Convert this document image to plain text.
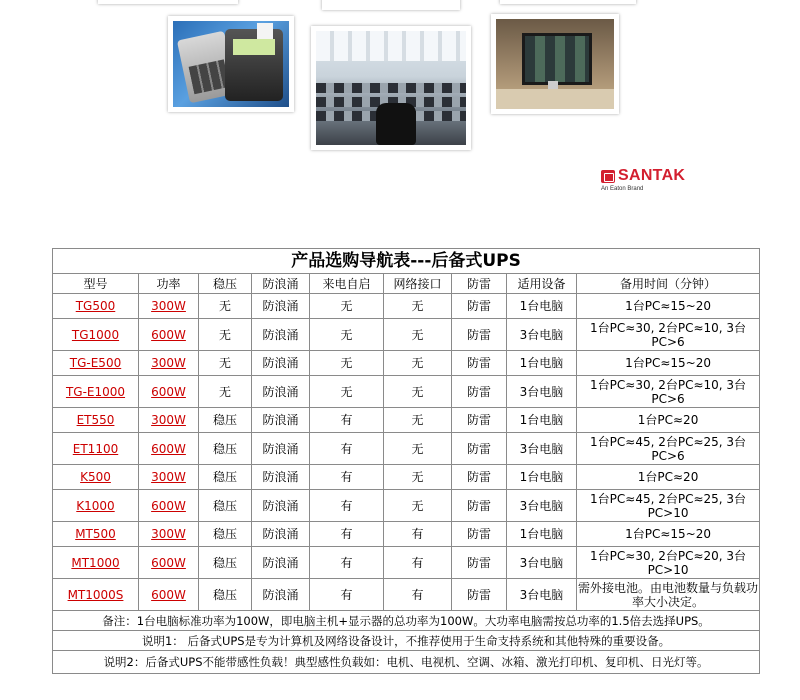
SANTAK
An Eaton Brand
产品选购导航表---后备式UPS								
型号	功率	稳压	防浪涌	来电自启	网络接口	防雷	适用设备	备用时间（分钟）
TG500	300W	无	防浪涌	无	无	防雷	1台电脑	1台PC≈15~20
TG1000	600W	无	防浪涌	无	无	防雷	3台电脑	1台PC≈30, 2台PC≈10, 3台PC>6
TG-E500	300W	无	防浪涌	无	无	防雷	1台电脑	1台PC≈15~20
TG-E1000	600W	无	防浪涌	无	无	防雷	3台电脑	1台PC≈30, 2台PC≈10, 3台PC>6
ET550	300W	稳压	防浪涌	有	无	防雷	1台电脑	1台PC≈20
ET1100	600W	稳压	防浪涌	有	无	防雷	3台电脑	1台PC≈45, 2台PC≈25, 3台PC>6
K500	300W	稳压	防浪涌	有	无	防雷	1台电脑	1台PC≈20
K1000	600W	稳压	防浪涌	有	无	防雷	3台电脑	1台PC≈45, 2台PC≈25, 3台PC>10
MT500	300W	稳压	防浪涌	有	有	防雷	1台电脑	1台PC≈15~20
MT1000	600W	稳压	防浪涌	有	有	防雷	3台电脑	1台PC≈30, 2台PC≈20, 3台PC>10
MT1000S	600W	稳压	防浪涌	有	有	防雷	3台电脑	需外接电池。由电池数量与负载功率大小决定。
备注：1台电脑标准功率为100W，即电脑主机+显示器的总功率为100W。大功率电脑需按总功率的1.5倍去选择UPS。								
说明1： 后备式UPS是专为计算机及网络设备设计，不推荐使用于生命支持系统和其他特殊的重要设备。								
说明2：后备式UPS不能带感性负载！典型感性负载如：电机、电视机、空调、冰箱、激光打印机、复印机、日光灯等。								
